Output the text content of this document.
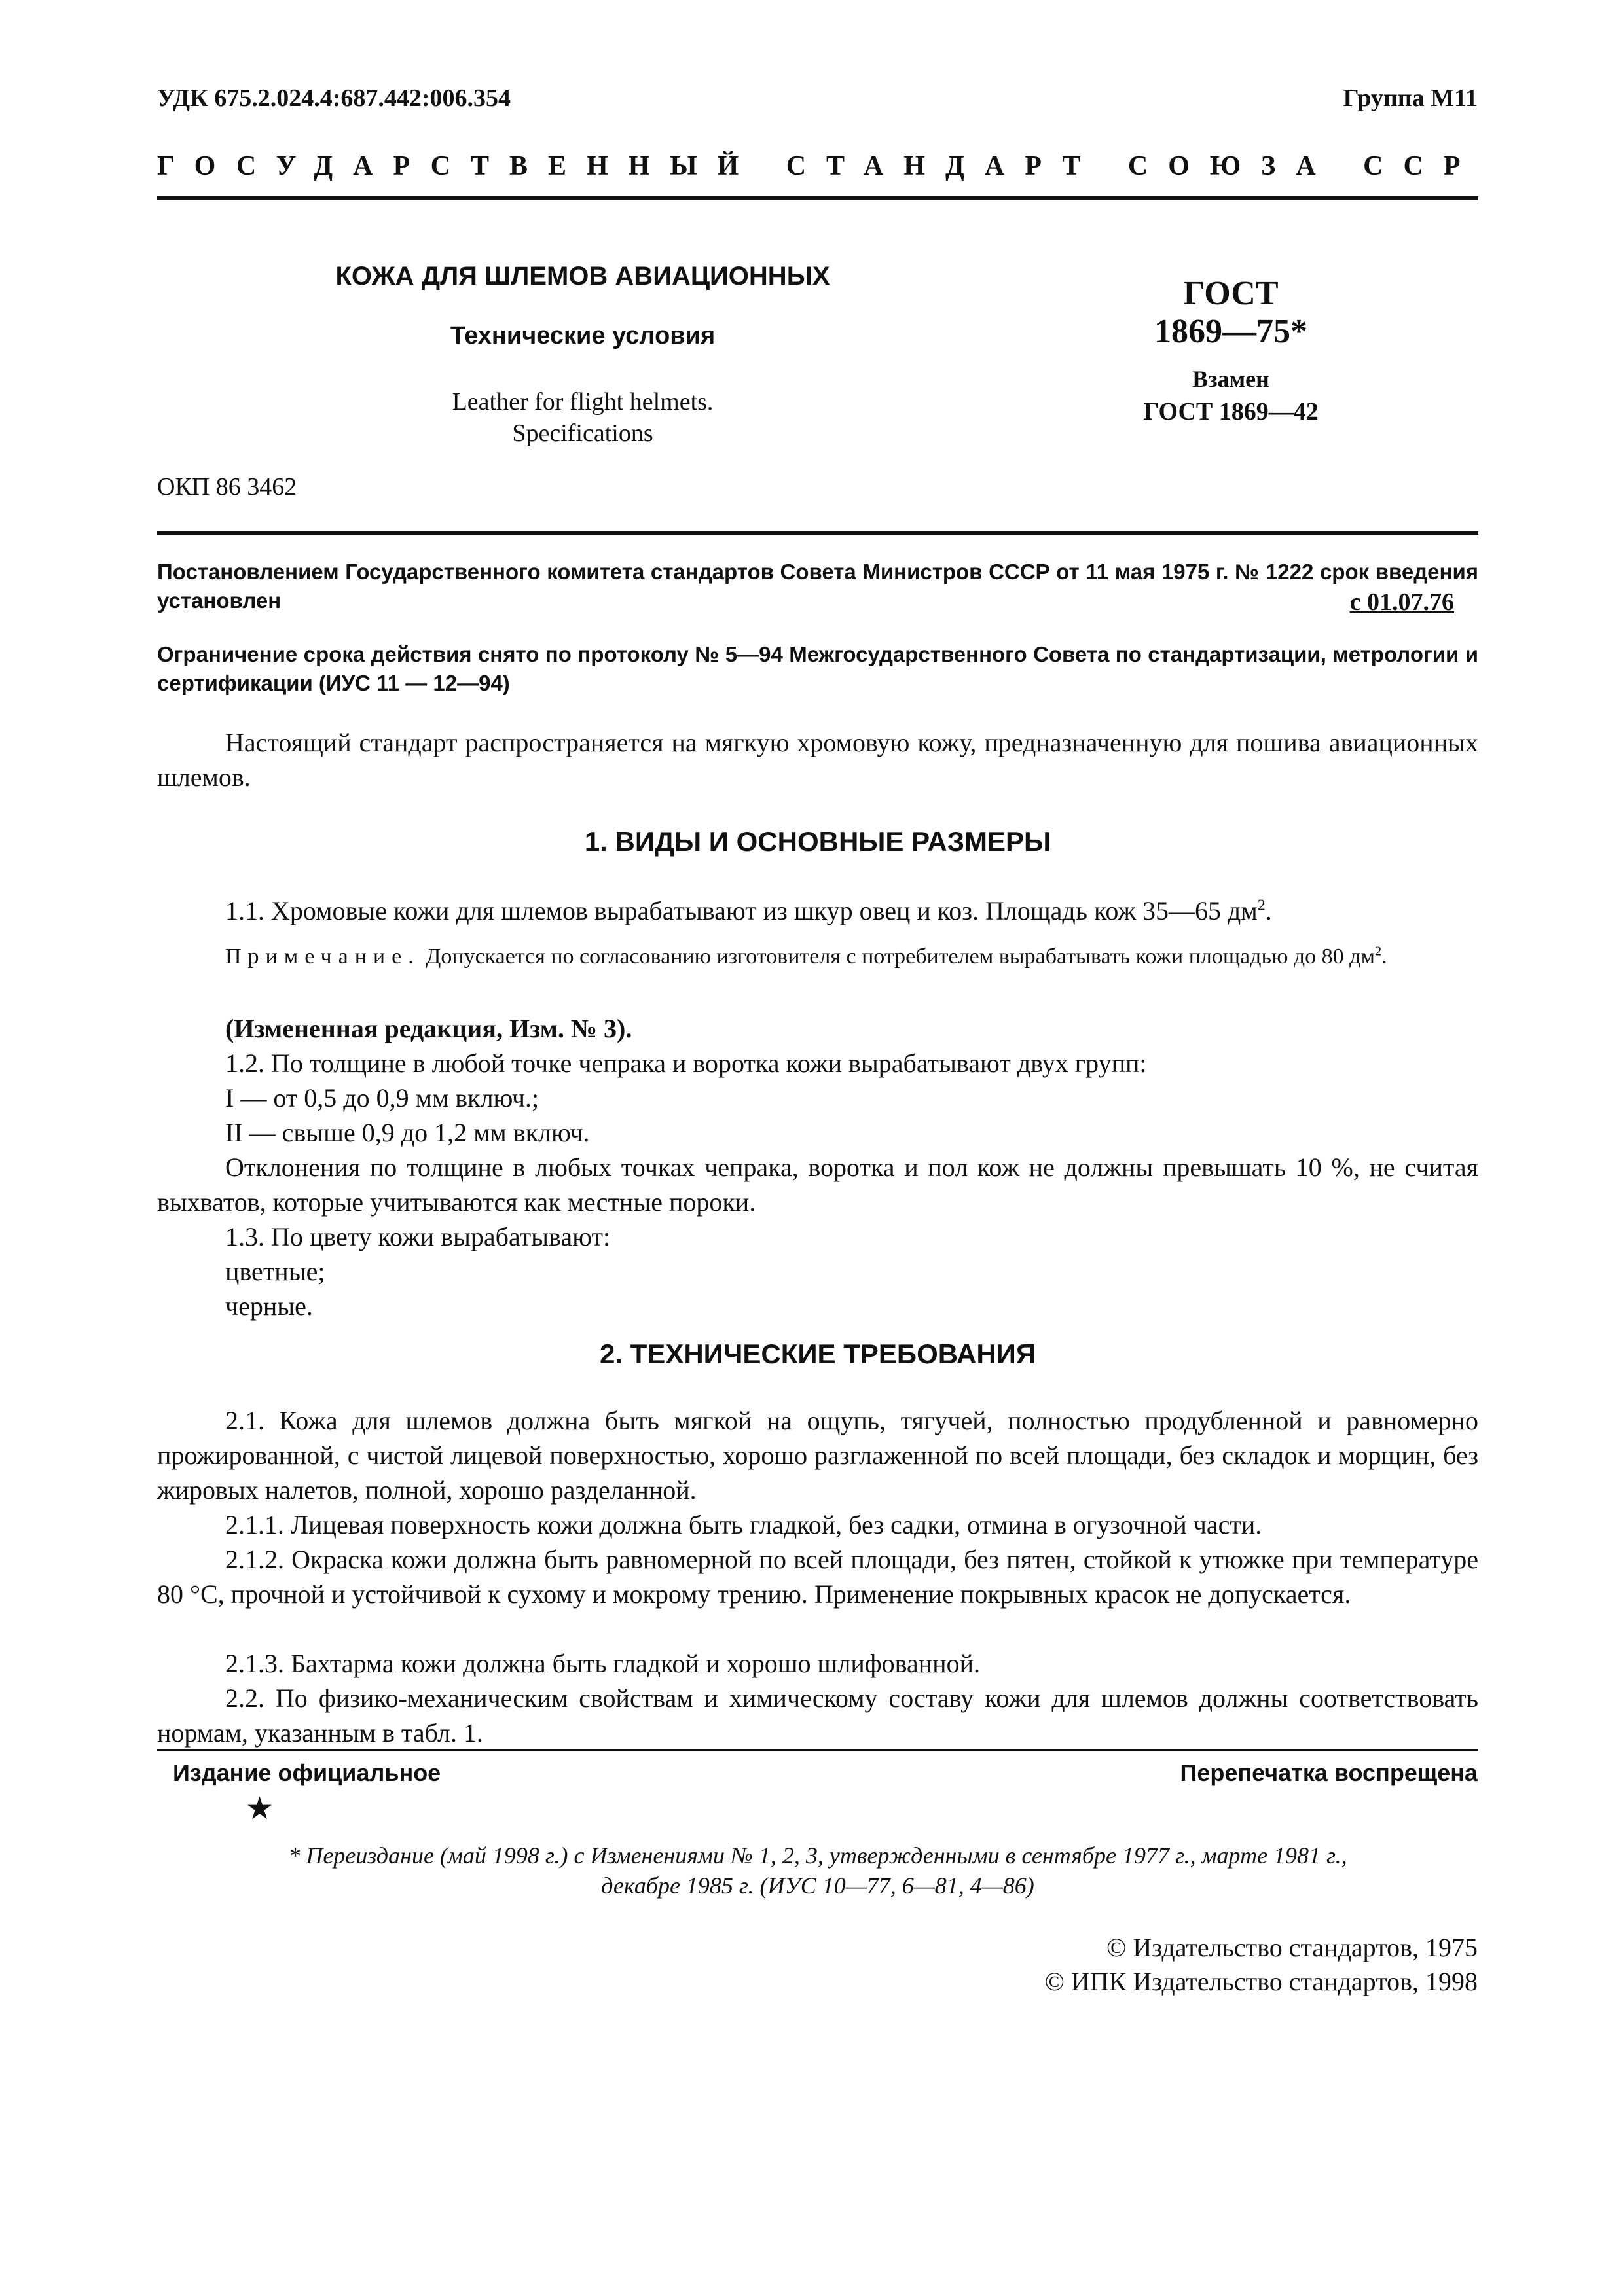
УДК 675.2.024.4:687.442:006.354	Группа М11
ГОСУДАРСТВЕННЫЙ СТАНДАРТ СОЮЗА ССР
КОЖА ДЛЯ ШЛЕМОВ АВИАЦИОННЫХ
Технические условия
Leather for flight helmets.
Specifications
ГОСТ
1869—75*
Взамен
ГОСТ 1869—42
ОКП 86 3462
Постановлением Государственного комитета стандартов Совета Министров СССР от 11 мая 1975 г. № 1222 срок введения установлен	с 01.07.76
Ограничение срока действия снято по протоколу № 5—94 Межгосударственного Совета по стандартизации, метрологии и сертификации (ИУС 11 — 12—94)
Настоящий стандарт распространяется на мягкую хромовую кожу, предназначенную для пошива авиационных шлемов.
1. ВИДЫ И ОСНОВНЫЕ РАЗМЕРЫ
1.1. Хромовые кожи для шлемов вырабатывают из шкур овец и коз. Площадь кож 35—65 $дм^2$.
Примечание. Допускается по согласованию изготовителя с потребителем вырабатывать кожи площадью до 80 $дм^2$.
(Измененная редакция, Изм. № 3).
1.2. По толщине в любой точке чепрака и воротка кожи вырабатывают двух групп:
I — от 0,5 до 0,9 мм включ.;
II — свыше 0,9 до 1,2 мм включ.
Отклонения по толщине в любых точках чепрака, воротка и пол кож не должны превышать 10 %, не считая выхватов, которые учитываются как местные пороки.
1.3. По цвету кожи вырабатывают:
цветные;
черные.
2. ТЕХНИЧЕСКИЕ ТРЕБОВАНИЯ
2.1. Кожа для шлемов должна быть мягкой на ощупь, тягучей, полностью продубленной и равномерно прожированной, с чистой лицевой поверхностью, хорошо разглаженной по всей площади, без складок и морщин, без жировых налетов, полной, хорошо разделанной.
2.1.1. Лицевая поверхность кожи должна быть гладкой, без садки, отмина в огузочной части.
2.1.2. Окраска кожи должна быть равномерной по всей площади, без пятен, стойкой к утюжке при температуре 80 °С, прочной и устойчивой к сухому и мокрому трению. Применение покрывных красок не допускается.
2.1.3. Бахтарма кожи должна быть гладкой и хорошо шлифованной.
2.2. По физико-механическим свойствам и химическому составу кожи для шлемов должны соответствовать нормам, указанным в табл. 1.
Издание официальное	Перепечатка воспрещена
★
* Переиздание (май 1998 г.) с Изменениями № 1, 2, 3, утвержденными в сентябре 1977 г., марте 1981 г.,
декабре 1985 г. (ИУС 10—77, 6—81, 4—86)
© Издательство стандартов, 1975
© ИПК Издательство стандартов, 1998
